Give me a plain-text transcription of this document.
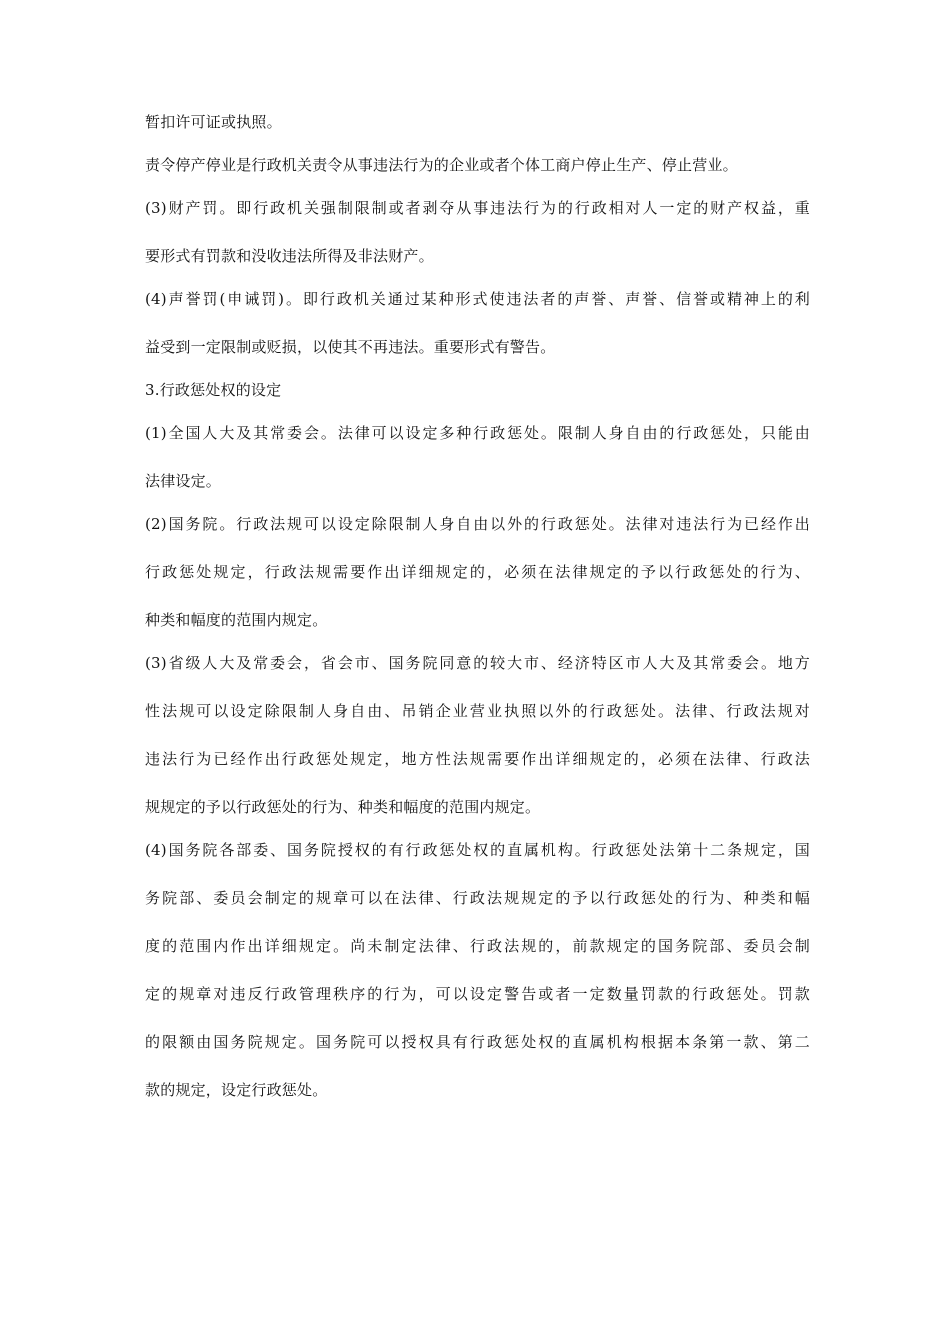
暂扣许可证或执照。
责令停产停业是行政机关责令从事违法行为的企业或者个体工商户停止生产、停止营业。
(3)财产罚。即行政机关强制限制或者剥夺从事违法行为的行政相对人一定的财产权益，重
要形式有罚款和没收违法所得及非法财产。
(4)声誉罚(申诫罚)。即行政机关通过某种形式使违法者的声誉、声誉、信誉或精神上的利
益受到一定限制或贬损，以使其不再违法。重要形式有警告。
3.行政惩处权的设定
(1)全国人大及其常委会。法律可以设定多种行政惩处。限制人身自由的行政惩处，只能由
法律设定。
(2)国务院。行政法规可以设定除限制人身自由以外的行政惩处。法律对违法行为已经作出
行政惩处规定，行政法规需要作出详细规定的，必须在法律规定的予以行政惩处的行为、
种类和幅度的范围内规定。
(3)省级人大及常委会，省会市、国务院同意的较大市、经济特区市人大及其常委会。地方
性法规可以设定除限制人身自由、吊销企业营业执照以外的行政惩处。法律、行政法规对
违法行为已经作出行政惩处规定，地方性法规需要作出详细规定的，必须在法律、行政法
规规定的予以行政惩处的行为、种类和幅度的范围内规定。
(4)国务院各部委、国务院授权的有行政惩处权的直属机构。行政惩处法第十二条规定，国
务院部、委员会制定的规章可以在法律、行政法规规定的予以行政惩处的行为、种类和幅
度的范围内作出详细规定。尚未制定法律、行政法规的，前款规定的国务院部、委员会制
定的规章对违反行政管理秩序的行为，可以设定警告或者一定数量罚款的行政惩处。罚款
的限额由国务院规定。国务院可以授权具有行政惩处权的直属机构根据本条第一款、第二
款的规定，设定行政惩处。
